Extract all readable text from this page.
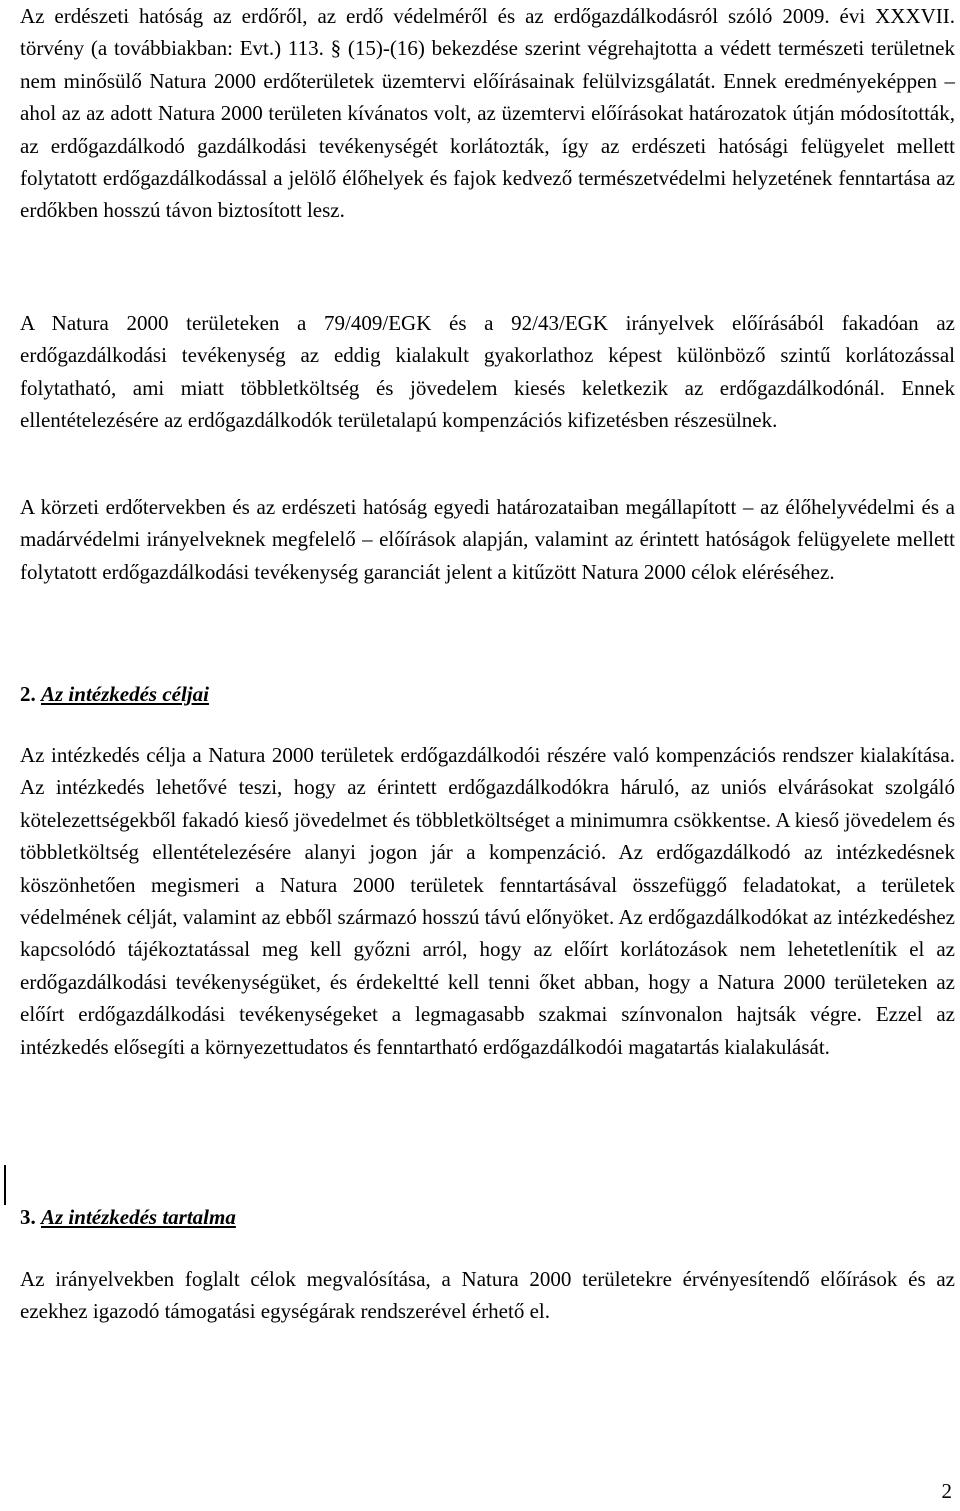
Az erdészeti hatóság az erdőről, az erdő védelméről és az erdőgazdálkodásról szóló 2009. évi XXXVII. törvény (a továbbiakban: Evt.) 113. § (15)-(16) bekezdése szerint végrehajtotta a védett természeti területnek nem minősülő Natura 2000 erdőterületek üzemtervi előírásainak felülvizsgálatát. Ennek eredményeképpen – ahol az az adott Natura 2000 területen kívánatos volt, az üzemtervi előírásokat határozatok útján módosították, az erdőgazdálkodó gazdálkodási tevékenységét korlátozták, így az erdészeti hatósági felügyelet mellett folytatott erdőgazdálkodással a jelölő élőhelyek és fajok kedvező természetvédelmi helyzetének fenntartása az erdőkben hosszú távon biztosított lesz.

A Natura 2000 területeken a 79/409/EGK és a 92/43/EGK irányelvek előírásából fakadóan az erdőgazdálkodási tevékenység az eddig kialakult gyakorlathoz képest különböző szintű korlátozással folytatható, ami miatt többletköltség és jövedelem kiesés keletkezik az erdőgazdálkodónál. Ennek ellentételezésére az erdőgazdálkodók területalapú kompenzációs kifizetésben részesülnek.

A körzeti erdőtervekben és az erdészeti hatóság egyedi határozataiban megállapított – az élőhelyvédelmi és a madárvédelmi irányelveknek megfelelő – előírások alapján, valamint az érintett hatóságok felügyelete mellett folytatott erdőgazdálkodási tevékenység garanciát jelent a kitűzött Natura 2000 célok eléréséhez.

2. Az intézkedés céljai

Az intézkedés célja a Natura 2000 területek erdőgazdálkodói részére való kompenzációs rendszer kialakítása. Az intézkedés lehetővé teszi, hogy az érintett erdőgazdálkodókra háruló, az uniós elvárásokat szolgáló kötelezettségekből fakadó kieső jövedelmet és többletköltséget a minimumra csökkentse. A kieső jövedelem és többletköltség ellentételezésére alanyi jogon jár a kompenzáció. Az erdőgazdálkodó az intézkedésnek köszönhetően megismeri a Natura 2000 területek fenntartásával összefüggő feladatokat, a területek védelmének célját, valamint az ebből származó hosszú távú előnyöket. Az erdőgazdálkodókat az intézkedéshez kapcsolódó tájékoztatással meg kell győzni arról, hogy az előírt korlátozások nem lehetetlenítik el az erdőgazdálkodási tevékenységüket, és érdekeltté kell tenni őket abban, hogy a Natura 2000 területeken az előírt erdőgazdálkodási tevékenységeket a legmagasabb szakmai színvonalon hajtsák végre. Ezzel az intézkedés elősegíti a környezettudatos és fenntartható erdőgazdálkodói magatartás kialakulását.

3. Az intézkedés tartalma

Az irányelvekben foglalt célok megvalósítása, a Natura 2000 területekre érvényesítendő előírások és az ezekhez igazodó támogatási egységárak rendszerével érhető el.

2
